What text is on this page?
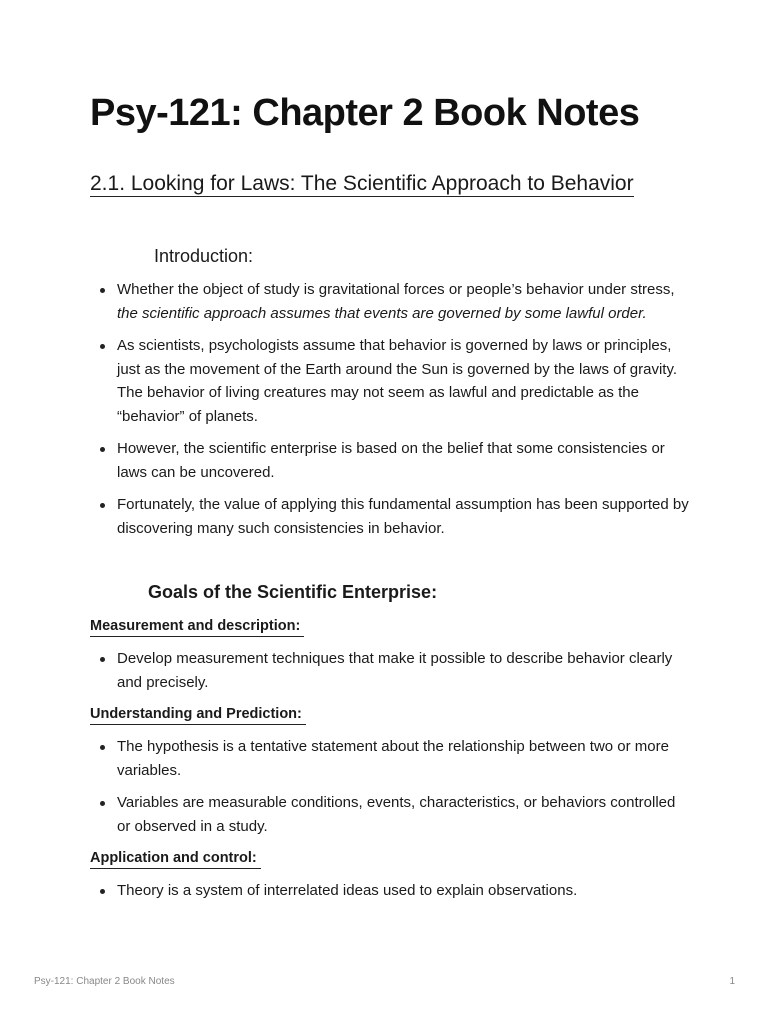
Psy-121: Chapter 2 Book Notes
2.1. Looking for Laws: The Scientific Approach to Behavior
Introduction:
Whether the object of study is gravitational forces or people’s behavior under stress, the scientific approach assumes that events are governed by some lawful order.
As scientists, psychologists assume that behavior is governed by laws or principles, just as the movement of the Earth around the Sun is governed by the laws of gravity. The behavior of living creatures may not seem as lawful and predictable as the “behavior” of planets.
However, the scientific enterprise is based on the belief that some consistencies or laws can be uncovered.
Fortunately, the value of applying this fundamental assumption has been supported by discovering many such consistencies in behavior.
Goals of the Scientific Enterprise:

Measurement and description:

Develop measurement techniques that make it possible to describe behavior clearly and precisely.

Understanding and Prediction:

The hypothesis is a tentative statement about the relationship between two or more variables.
Variables are measurable conditions, events, characteristics, or behaviors controlled or observed in a study.

Application and control:

Theory is a system of interrelated ideas used to explain observations.
Psy-121: Chapter 2 Book Notes	1
